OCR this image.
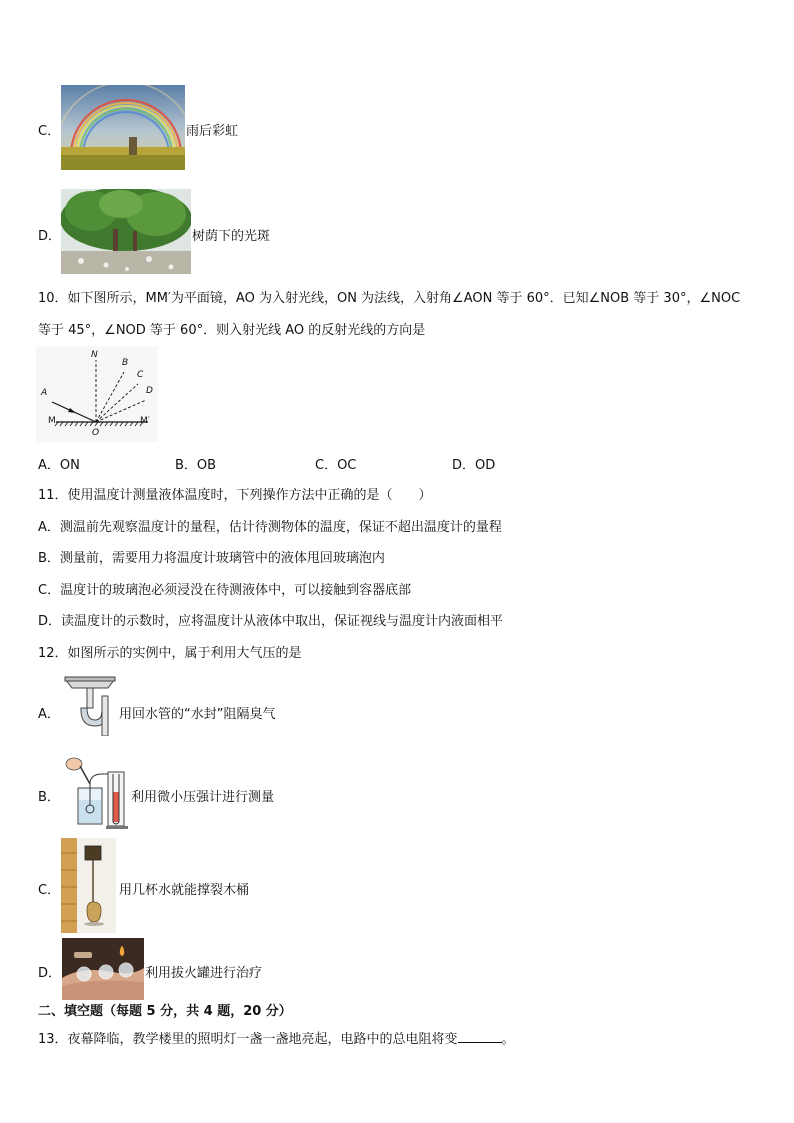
C．	雨后彩虹
D．	树荫下的光斑
10．如下图所示，MM′为平面镜，AO 为入射光线，ON 为法线，入射角∠AON 等于 60°．已知∠NOB 等于 30°，∠NOC
等于 45°，∠NOD 等于 60°．则入射光线 AO 的反射光线的方向是
N
B
C
D
A
M
O
M′
A．ON	B．OB	C．OC	D．OD
11．使用温度计测量液体温度时，下列操作方法中正确的是（　　）
A．测温前先观察温度计的量程，估计待测物体的温度，保证不超出温度计的量程
B．测量前，需要用力将温度计玻璃管中的液体甩回玻璃泡内
C．温度计的玻璃泡必须浸没在待测液体中，可以接触到容器底部
D．读温度计的示数时，应将温度计从液体中取出，保证视线与温度计内液面相平
12．如图所示的实例中，属于利用大气压的是
A．	用回水管的“水封”阻隔臭气
B．	利用微小压强计进行测量
C．	用几杯水就能撑裂木桶
D．	利用拔火罐进行治疗
二、填空题（每题 5 分，共 4 题，20 分）
13．夜幕降临，教学楼里的照明灯一盏一盏地亮起，电路中的总电阻将变	。
